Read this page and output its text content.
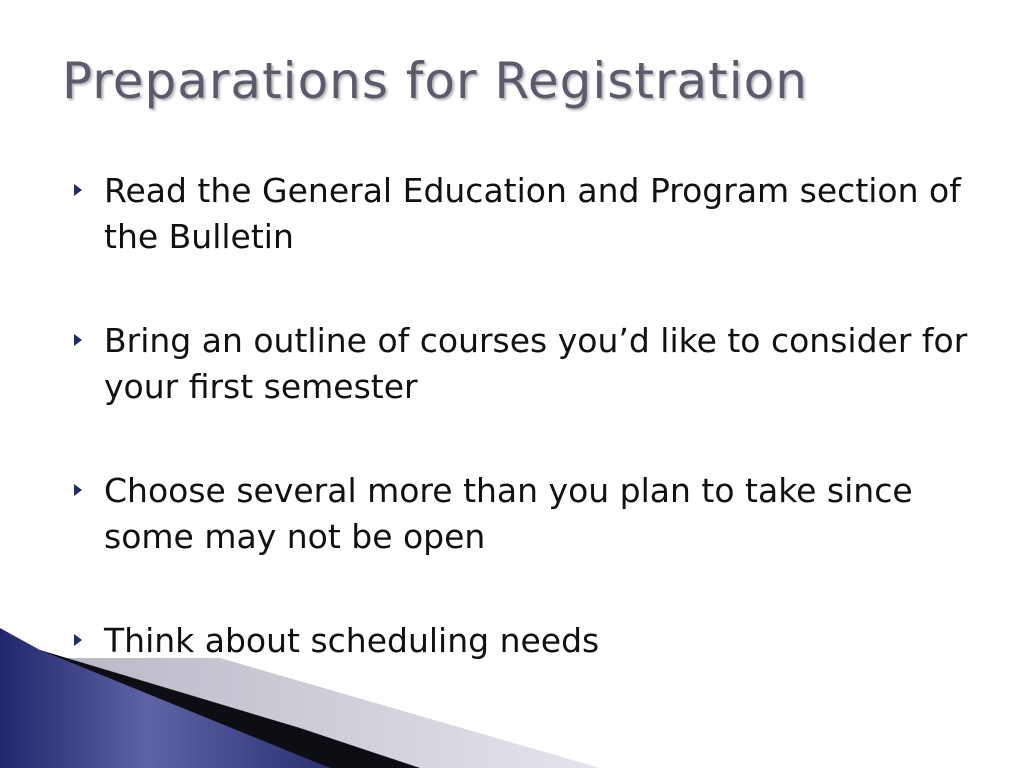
Preparations for Registration
Read the General Education and Program section of the Bulletin
Bring an outline of courses you’d like to consider for your first semester
Choose several more than you plan to take since some may not be open
Think about scheduling needs
